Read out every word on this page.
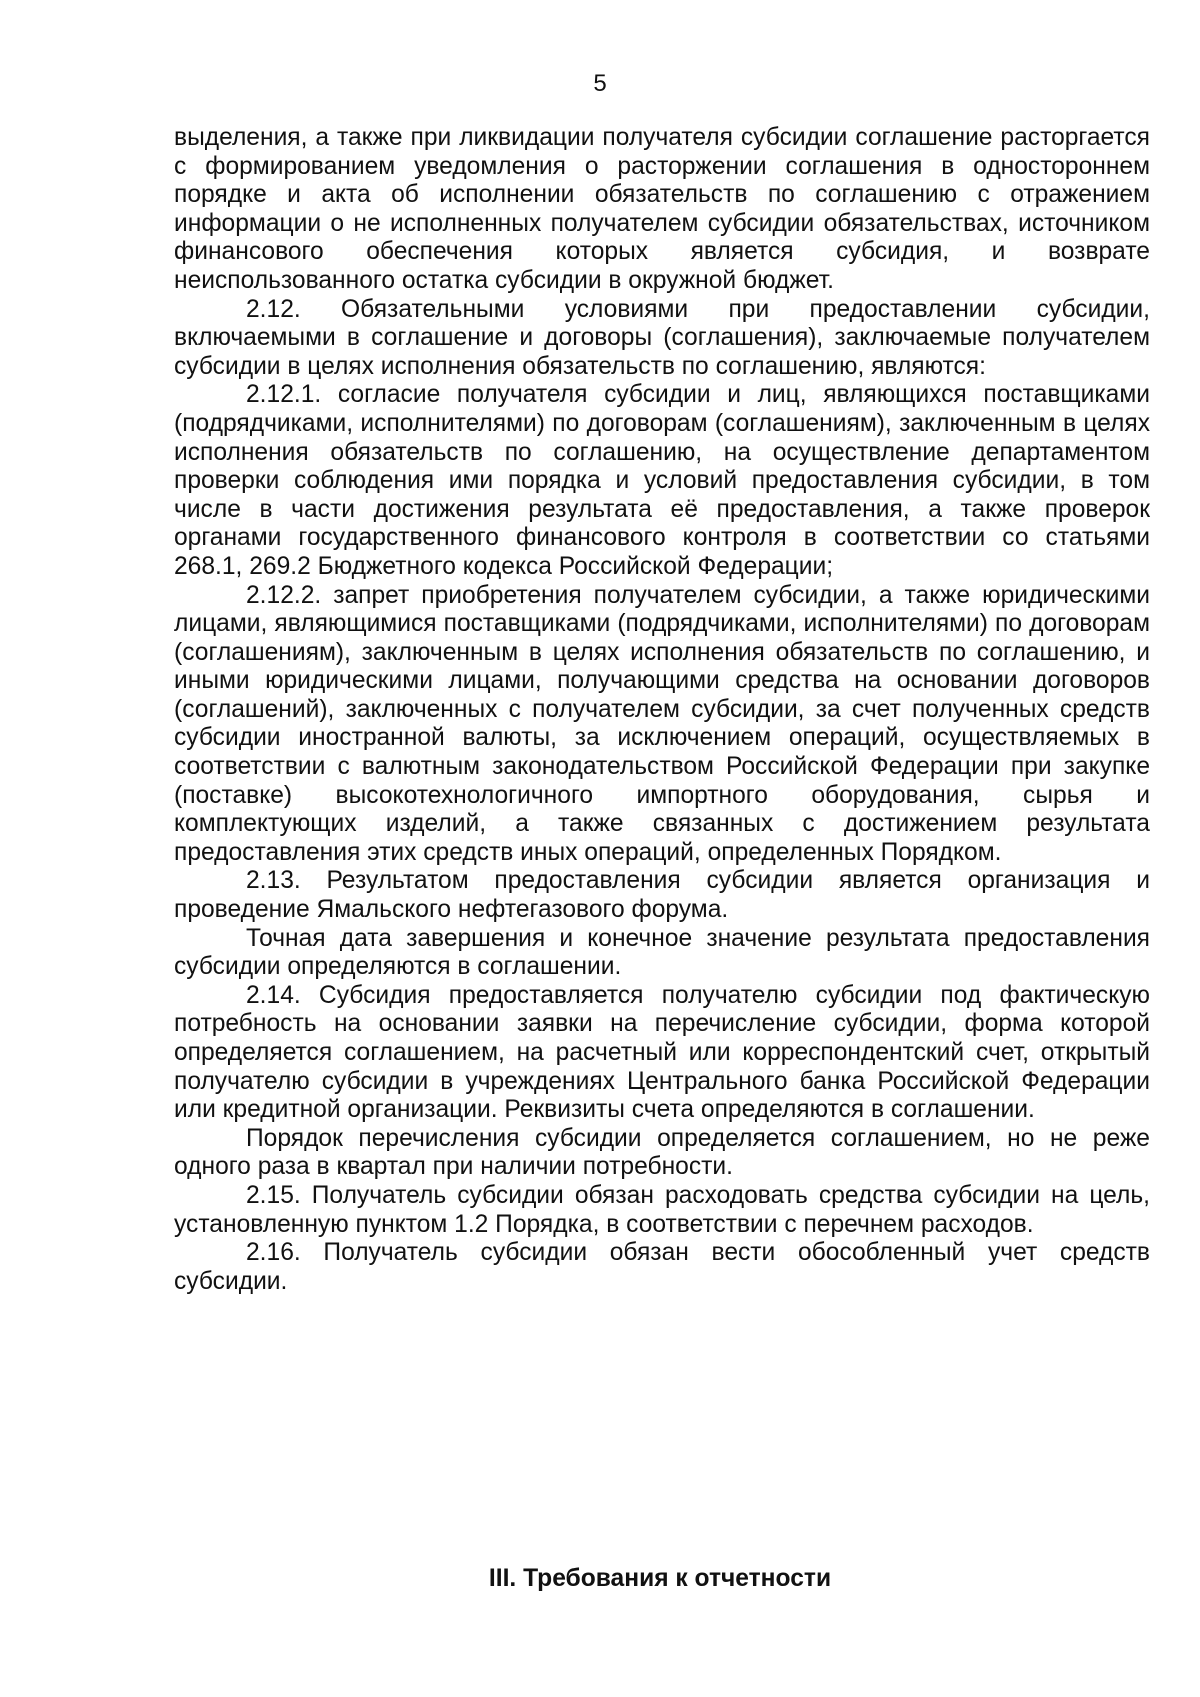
5

выделения, а также при ликвидации получателя субсидии соглашение расторгается с формированием уведомления о расторжении соглашения в одностороннем порядке и акта об исполнении обязательств по соглашению с отражением информации о не исполненных получателем субсидии обязательствах, источником финансового обеспечения которых является субсидия, и возврате неиспользованного остатка субсидии в окружной бюджет.

2.12. Обязательными условиями при предоставлении субсидии, включаемыми в соглашение и договоры (соглашения), заключаемые получателем субсидии в целях исполнения обязательств по соглашению, являются:

2.12.1. согласие получателя субсидии и лиц, являющихся поставщиками (подрядчиками, исполнителями) по договорам (соглашениям), заключенным в целях исполнения обязательств по соглашению, на осуществление департаментом проверки соблюдения ими порядка и условий предоставления субсидии, в том числе в части достижения результата её предоставления, а также проверок органами государственного финансового контроля в соответствии со статьями 268.1, 269.2 Бюджетного кодекса Российской Федерации;

2.12.2. запрет приобретения получателем субсидии, а также юридическими лицами, являющимися поставщиками (подрядчиками, исполнителями) по договорам (соглашениям), заключенным в целях исполнения обязательств по соглашению, и иными юридическими лицами, получающими средства на основании договоров (соглашений), заключенных с получателем субсидии, за счет полученных средств субсидии иностранной валюты, за исключением операций, осуществляемых в соответствии с валютным законодательством Российской Федерации при закупке (поставке) высокотехнологичного импортного оборудования, сырья и комплектующих изделий, а также связанных с достижением результата предоставления этих средств иных операций, определенных Порядком.

2.13. Результатом предоставления субсидии является организация и проведение Ямальского нефтегазового форума.

Точная дата завершения и конечное значение результата предоставления субсидии определяются в соглашении.

2.14. Субсидия предоставляется получателю субсидии под фактическую потребность на основании заявки на перечисление субсидии, форма которой определяется соглашением, на расчетный или корреспондентский счет, открытый получателю субсидии в учреждениях Центрального банка Российской Федерации или кредитной организации. Реквизиты счета определяются в соглашении.

Порядок перечисления субсидии определяется соглашением, но не реже одного раза в квартал при наличии потребности.

2.15. Получатель субсидии обязан расходовать средства субсидии на цель, установленную пунктом 1.2 Порядка, в соответствии с перечнем расходов.

2.16. Получатель субсидии обязан вести обособленный учет средств субсидии.

III. Требования к отчетности
